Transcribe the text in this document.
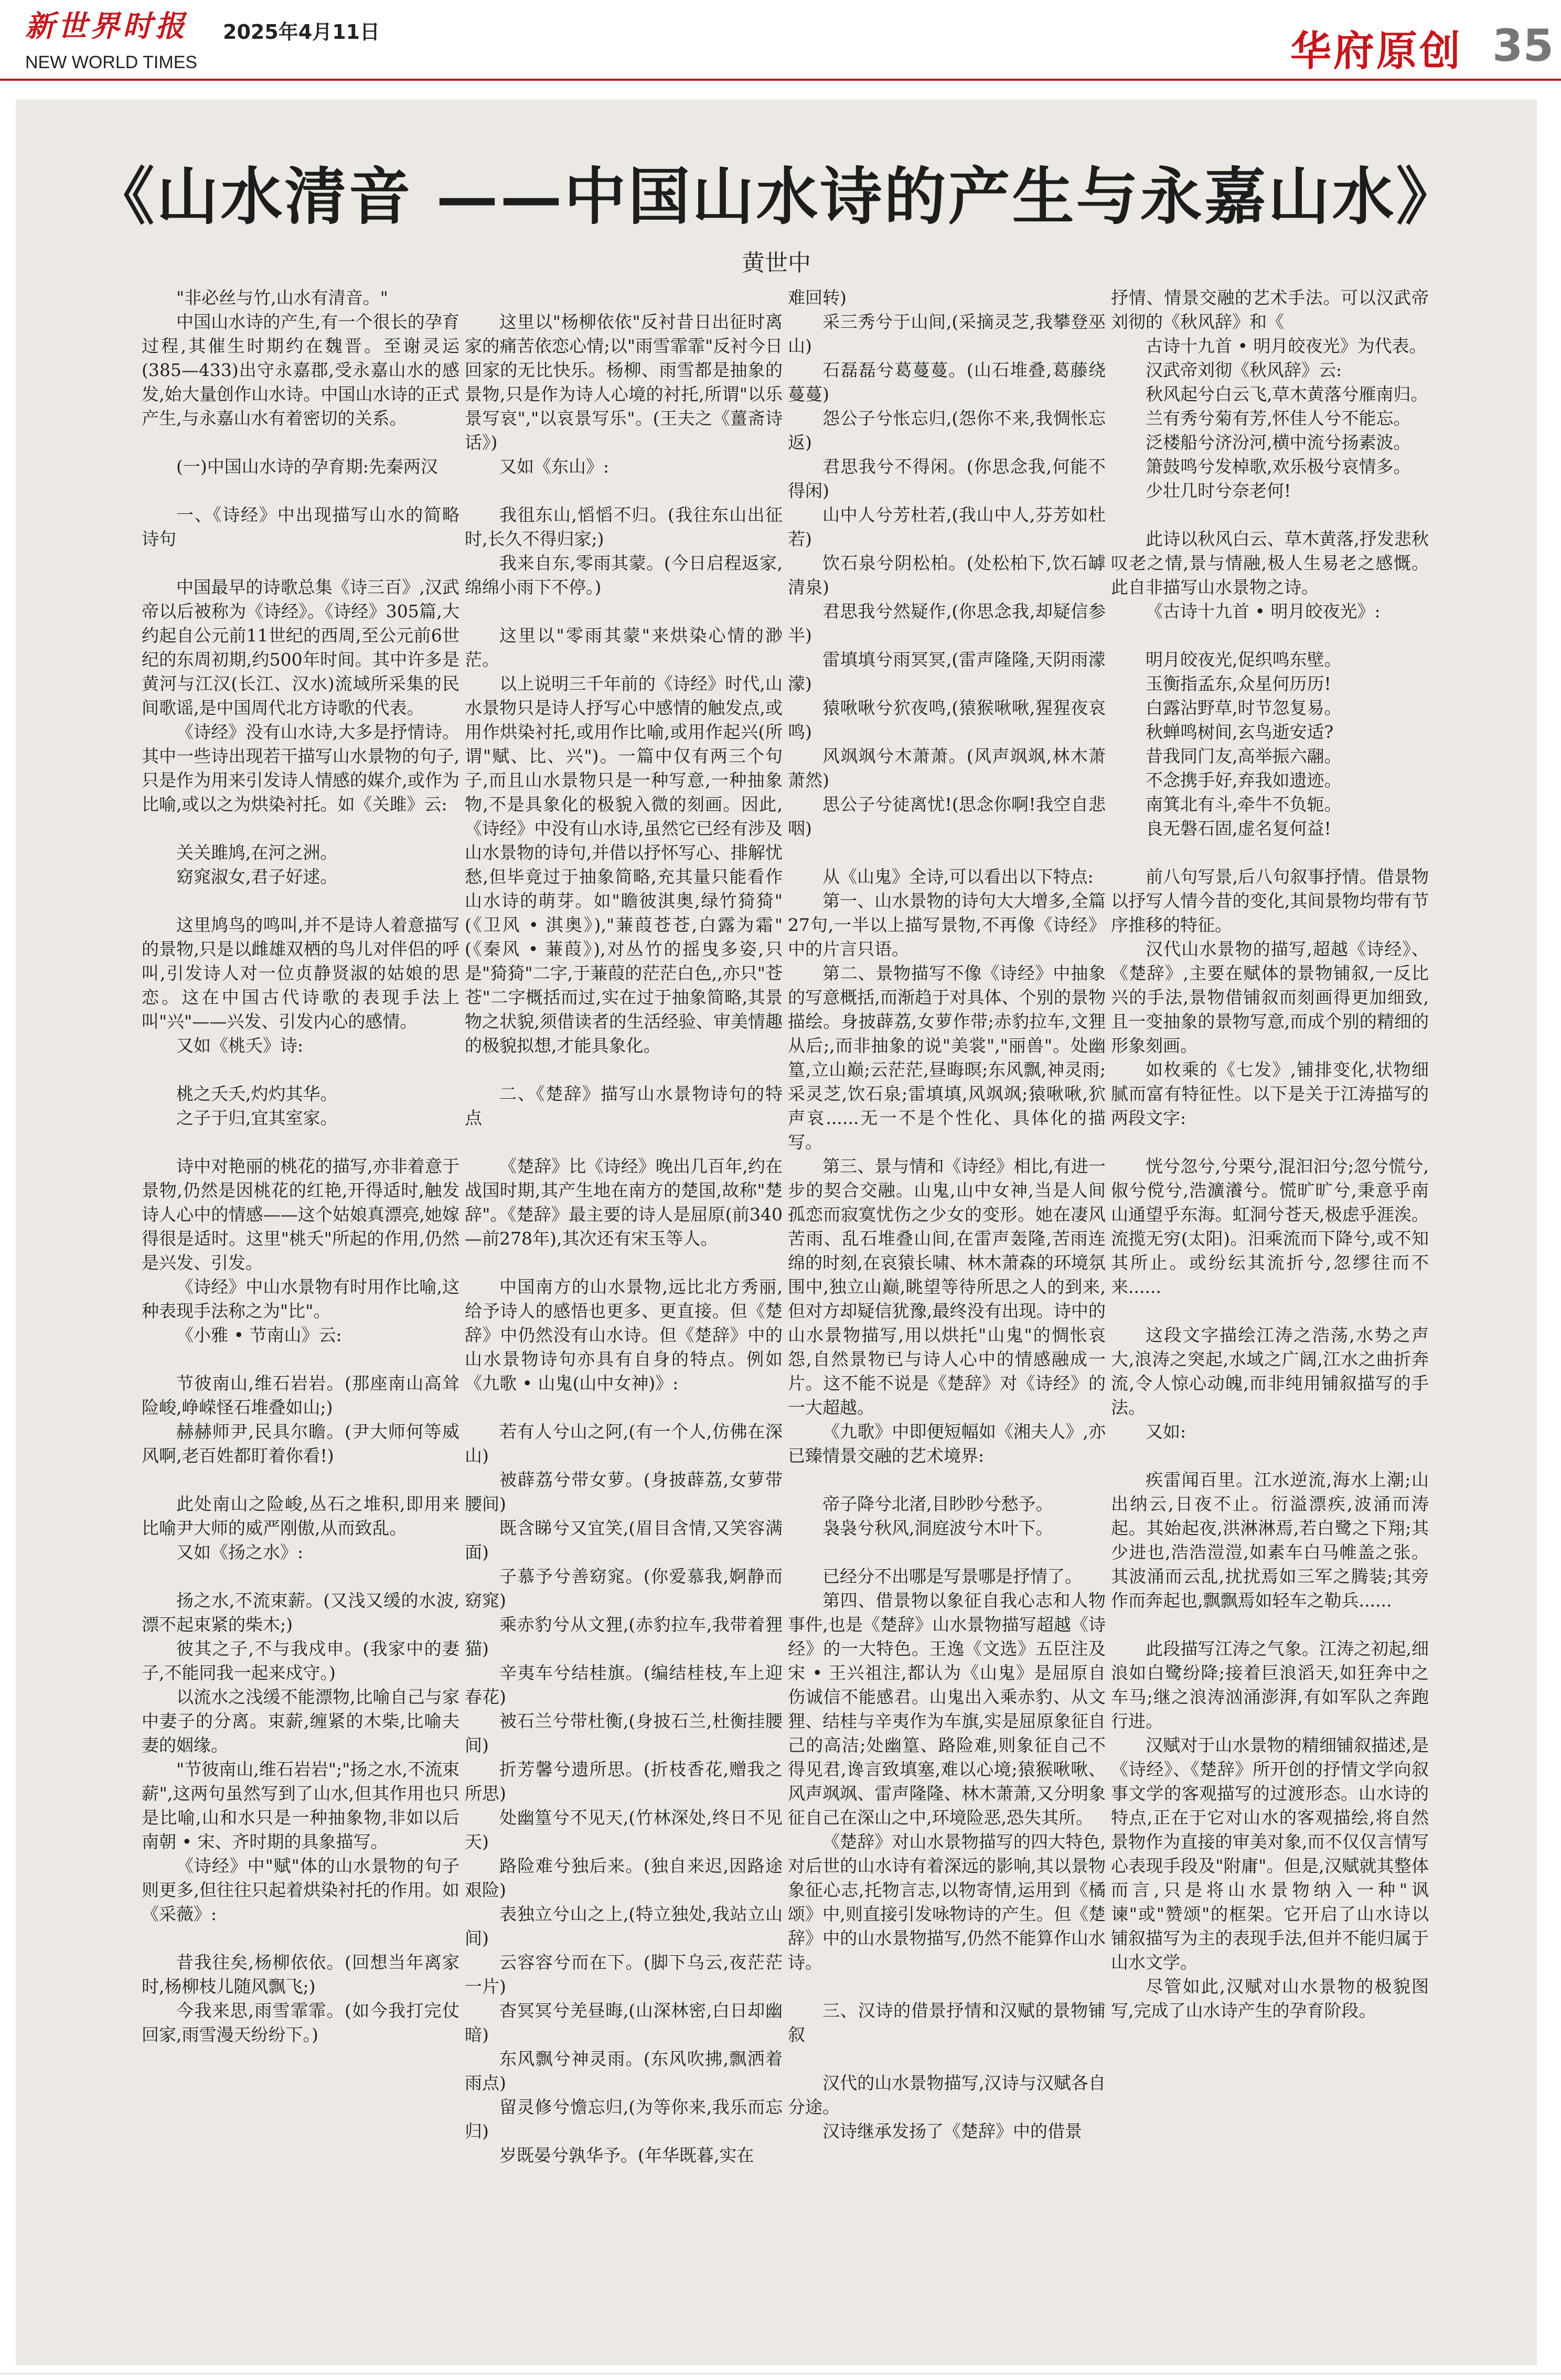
新世界时报 2025年4月11日
NEW WORLD TIMES	华府原创 35
《山水清音 ——中国山水诗的产生与永嘉山水》
黄世中

"非必丝与竹,山水有清音。"

中国山水诗的产生,有一个很长的孕育过程,其催生时期约在魏晋。至谢灵运(385—433)出守永嘉郡,受永嘉山水的感发,始大量创作山水诗。中国山水诗的正式产生,与永嘉山水有着密切的关系。

(一)中国山水诗的孕育期:先秦两汉

一、《诗经》中出现描写山水的简略诗句

中国最早的诗歌总集《诗三百》,汉武帝以后被称为《诗经》。《诗经》305篇,大约起自公元前11世纪的西周,至公元前6世纪的东周初期,约500年时间。其中许多是黄河与江汉(长江、汉水)流域所采集的民间歌谣,是中国周代北方诗歌的代表。

《诗经》没有山水诗,大多是抒情诗。其中一些诗出现若干描写山水景物的句子,只是作为用来引发诗人情感的媒介,或作为比喻,或以之为烘染衬托。如《关雎》云:

关关雎鸠,在河之洲。

窈窕淑女,君子好逑。

这里鸠鸟的鸣叫,并不是诗人着意描写的景物,只是以雌雄双栖的鸟儿对伴侣的呼叫,引发诗人对一位贞静贤淑的姑娘的思恋。这在中国古代诗歌的表现手法上叫"兴"——兴发、引发内心的感情。

又如《桃夭》诗:

桃之夭夭,灼灼其华。

之子于归,宜其室家。

诗中对艳丽的桃花的描写,亦非着意于景物,仍然是因桃花的红艳,开得适时,触发诗人心中的情感——这个姑娘真漂亮,她嫁得很是适时。这里"桃夭"所起的作用,仍然是兴发、引发。

《诗经》中山水景物有时用作比喻,这种表现手法称之为"比"。

《小雅 • 节南山》云:

节彼南山,维石岩岩。(那座南山高耸险峻,峥嵘怪石堆叠如山;)

赫赫师尹,民具尔瞻。(尹大师何等威风啊,老百姓都盯着你看!)

此处南山之险峻,丛石之堆积,即用来比喻尹大师的威严刚傲,从而致乱。

又如《扬之水》:

扬之水,不流束薪。(又浅又缓的水波,漂不起束紧的柴木;)

彼其之子,不与我戍申。(我家中的妻子,不能同我一起来戍守。)

以流水之浅缓不能漂物,比喻自己与家中妻子的分离。束薪,缠紧的木柴,比喻夫妻的姻缘。

"节彼南山,维石岩岩";"扬之水,不流束薪",这两句虽然写到了山水,但其作用也只是比喻,山和水只是一种抽象物,非如以后南朝 • 宋、齐时期的具象描写。

《诗经》中"赋"体的山水景物的句子则更多,但往往只起着烘染衬托的作用。如《采薇》:

昔我往矣,杨柳依依。(回想当年离家时,杨柳枝儿随风飘飞;)

今我来思,雨雪霏霏。(如今我打完仗回家,雨雪漫天纷纷下。)

这里以"杨柳依依"反衬昔日出征时离家的痛苦依恋心情;以"雨雪霏霏"反衬今日回家的无比快乐。杨柳、雨雪都是抽象的景物,只是作为诗人心境的衬托,所谓"以乐景写哀","以哀景写乐"。(王夫之《薑斋诗话》)

又如《东山》:

我徂东山,慆慆不归。(我往东山出征时,长久不得归家;)

我来自东,零雨其蒙。(今日启程返家,绵绵小雨下不停。)

这里以"零雨其蒙"来烘染心情的渺茫。

以上说明三千年前的《诗经》时代,山水景物只是诗人抒写心中感情的触发点,或用作烘染衬托,或用作比喻,或用作起兴(所谓"赋、比、兴")。一篇中仅有两三个句子,而且山水景物只是一种写意,一种抽象物,不是具象化的极貌入微的刻画。因此,《诗经》中没有山水诗,虽然它已经有涉及山水景物的诗句,并借以抒怀写心、排解忧愁,但毕竟过于抽象简略,充其量只能看作山水诗的萌芽。如"瞻彼淇奥,绿竹猗猗"(《卫风 • 淇奥》),"蒹葭苍苍,白露为霜"(《秦风 • 蒹葭》),对丛竹的摇曳多姿,只是"猗猗"二字,于蒹葭的茫茫白色,,亦只"苍苍"二字概括而过,实在过于抽象简略,其景物之状貌,须借读者的生活经验、审美情趣的极貌拟想,才能具象化。

二、《楚辞》描写山水景物诗句的特点

《楚辞》比《诗经》晚出几百年,约在战国时期,其产生地在南方的楚国,故称"楚辞"。《楚辞》最主要的诗人是屈原(前340—前278年),其次还有宋玉等人。

中国南方的山水景物,远比北方秀丽,给予诗人的感悟也更多、更直接。但《楚辞》中仍然没有山水诗。但《楚辞》中的山水景物诗句亦具有自身的特点。例如《九歌 • 山鬼(山中女神)》:

若有人兮山之阿,(有一个人,仿佛在深山)

被薜荔兮带女萝。(身披薜荔,女萝带腰间)

既含睇兮又宜笑,(眉目含情,又笑容满面)

子慕予兮善窈窕。(你爱慕我,婀静而窈窕)

乘赤豹兮从文狸,(赤豹拉车,我带着狸猫)

辛夷车兮结桂旗。(编结桂枝,车上迎春花)

被石兰兮带杜衡,(身披石兰,杜衡挂腰间)

折芳馨兮遗所思。(折枝香花,赠我之所思)

处幽篁兮不见天,(竹林深处,终日不见天)

路险难兮独后来。(独自来迟,因路途艰险)

表独立兮山之上,(特立独处,我站立山间)

云容容兮而在下。(脚下乌云,夜茫茫一片)

杳冥冥兮羌昼晦,(山深林密,白日却幽暗)

东风飘兮神灵雨。(东风吹拂,飘洒着雨点)

留灵修兮憺忘归,(为等你来,我乐而忘归)

岁既晏兮孰华予。(年华既暮,实在

难回转)

采三秀兮于山间,(采摘灵芝,我攀登巫山)

石磊磊兮葛蔓蔓。(山石堆叠,葛藤绕蔓蔓)

怨公子兮怅忘归,(怨你不来,我惆怅忘返)

君思我兮不得闲。(你思念我,何能不得闲)

山中人兮芳杜若,(我山中人,芬芳如杜若)

饮石泉兮阴松柏。(处松柏下,饮石罅清泉)

君思我兮然疑作,(你思念我,却疑信参半)

雷填填兮雨冥冥,(雷声隆隆,天阴雨濛濛)

猿啾啾兮狖夜鸣,(猿猴啾啾,猩猩夜哀鸣)

风飒飒兮木萧萧。(风声飒飒,林木萧萧然)

思公子兮徒离忧!(思念你啊!我空自悲咽)

从《山鬼》全诗,可以看出以下特点:

第一、山水景物的诗句大大增多,全篇27句,一半以上描写景物,不再像《诗经》中的片言只语。

第二、景物描写不像《诗经》中抽象的写意概括,而渐趋于对具体、个别的景物描绘。身披薜荔,女萝作带;赤豹拉车,文狸从后;,而非抽象的说"美裳","丽兽"。处幽篁,立山巅;云茫茫,昼晦暝;东风飘,神灵雨;采灵芝,饮石泉;雷填填,风飒飒;猿啾啾,狖声哀......无一不是个性化、具体化的描写。

第三、景与情和《诗经》相比,有进一步的契合交融。山鬼,山中女神,当是人间孤恋而寂寞忧伤之少女的变形。她在凄风苦雨、乱石堆叠山间,在雷声轰隆,苦雨连绵的时刻,在哀猿长啸、林木萧森的环境氛围中,独立山巅,眺望等待所思之人的到来,但对方却疑信犹豫,最终没有出现。诗中的山水景物描写,用以烘托"山鬼"的惆怅哀怨,自然景物已与诗人心中的情感融成一片。这不能不说是《楚辞》对《诗经》的一大超越。

《九歌》中即便短幅如《湘夫人》,亦已臻情景交融的艺术境界:

帝子降兮北渚,目眇眇兮愁予。

袅袅兮秋风,洞庭波兮木叶下。

已经分不出哪是写景哪是抒情了。

第四、借景物以象征自我心志和人物事件,也是《楚辞》山水景物描写超越《诗经》的一大特色。王逸《文选》五臣注及宋 • 王兴祖注,都认为《山鬼》是屈原自伤诚信不能感君。山鬼出入乘赤豹、从文狸、结桂与辛夷作为车旗,实是屈原象征自己的高洁;处幽篁、路险难,则象征自己不得见君,谗言致填塞,难以心境;猿猴啾啾、风声飒飒、雷声隆隆、林木萧萧,又分明象征自己在深山之中,环境险恶,恐失其所。

《楚辞》对山水景物描写的四大特色,对后世的山水诗有着深远的影响,其以景物象征心志,托物言志,以物寄情,运用到《橘颂》中,则直接引发咏物诗的产生。但《楚辞》中的山水景物描写,仍然不能算作山水诗。

三、汉诗的借景抒情和汉赋的景物铺叙

汉代的山水景物描写,汉诗与汉赋各自分途。

汉诗继承发扬了《楚辞》中的借景

抒情、情景交融的艺术手法。可以汉武帝刘彻的《秋风辞》和《

古诗十九首 • 明月皎夜光》为代表。

汉武帝刘彻《秋风辞》云:

秋风起兮白云飞,草木黄落兮雁南归。

兰有秀兮菊有芳,怀佳人兮不能忘。

泛楼船兮济汾河,横中流兮扬素波。

箫鼓鸣兮发棹歌,欢乐极兮哀情多。

少壮几时兮奈老何!

此诗以秋风白云、草木黄落,抒发悲秋叹老之情,景与情融,极人生易老之感慨。此自非描写山水景物之诗。

《古诗十九首 • 明月皎夜光》:

明月皎夜光,促织鸣东壁。

玉衡指孟东,众星何历历!

白露沾野草,时节忽复易。

秋蝉鸣树间,玄鸟逝安适?

昔我同门友,高举振六翮。

不念携手好,弃我如遗迹。

南箕北有斗,牵牛不负轭。

良无磐石固,虚名复何益!

前八句写景,后八句叙事抒情。借景物以抒写人情今昔的变化,其间景物均带有节序推移的特征。

汉代山水景物的描写,超越《诗经》、《楚辞》,主要在赋体的景物铺叙,一反比兴的手法,景物借铺叙而刻画得更加细致,且一变抽象的景物写意,而成个别的精细的形象刻画。

如枚乘的《七发》,铺排变化,状物细腻而富有特征性。以下是关于江涛描写的两段文字:

恍兮忽兮,兮栗兮,混汩汩兮;忽兮慌兮,俶兮傥兮,浩瀇瀁兮。慌旷旷兮,秉意乎南山通望乎东海。虹洞兮苍天,极虑乎涯涘。流揽无穷(太阳)。汨乘流而下降兮,或不知其所止。或纷纭其流折兮,忽缪往而不来......

这段文字描绘江涛之浩荡,水势之声大,浪涛之突起,水域之广阔,江水之曲折奔流,令人惊心动魄,而非纯用铺叙描写的手法。

又如:

疾雷闻百里。江水逆流,海水上潮;山出纳云,日夜不止。衍溢漂疾,波涌而涛起。其始起夜,洪淋淋焉,若白鹭之下翔;其少进也,浩浩溰溰,如素车白马帷盖之张。其波涌而云乱,扰扰焉如三军之腾装;其旁作而奔起也,飘飘焉如轻车之勒兵......

此段描写江涛之气象。江涛之初起,细浪如白鹭纷降;接着巨浪滔天,如狂奔中之车马;继之浪涛汹涌澎湃,有如军队之奔跑行进。

汉赋对于山水景物的精细铺叙描述,是《诗经》、《楚辞》所开创的抒情文学向叙事文学的客观描写的过渡形态。山水诗的特点,正在于它对山水的客观描绘,将自然景物作为直接的审美对象,而不仅仅言情写心表现手段及"附庸"。但是,汉赋就其整体而言,只是将山水景物纳入一种"讽谏"或"赞颂"的框架。它开启了山水诗以铺叙描写为主的表现手法,但并不能归属于山水文学。

尽管如此,汉赋对山水景物的极貌图写,完成了山水诗产生的孕育阶段。
